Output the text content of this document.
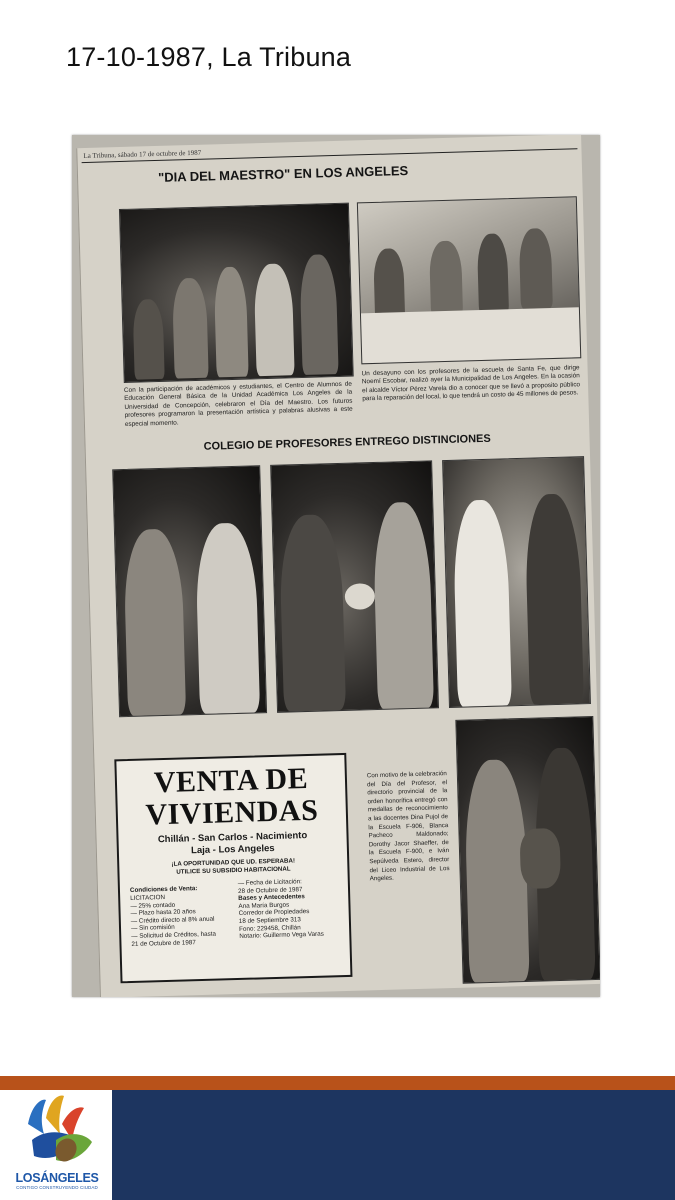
17-10-1987, La Tribuna
La Tribuna, sábado 17 de octubre de 1987
"DIA DEL MAESTRO" EN LOS ANGELES
Con la participación de académicos y estudiantes, el Centro de Alumnos de Educación General Básica de la Unidad Académica Los Angeles de la Universidad de Concepción, celebraron el Día del Maestro. Los futuros profesores programaron la presentación artística y palabras alusivas a este especial momento.
Un desayuno con los profesores de la escuela de Santa Fe, que dirige Noemí Escobar, realizó ayer la Municipalidad de Los Angeles. En la ocasión el alcalde Víctor Pérez Varela dio a conocer que se llevó a proposito público para la reparación del local, lo que tendrá un costo de 45 millones de pesos.
COLEGIO DE PROFESORES ENTREGO DISTINCIONES
VENTA DE
VIVIENDAS
Chillán - San Carlos - Nacimiento
Laja - Los Angeles
¡LA OPORTUNIDAD QUE UD. ESPERABA!
UTILICE SU SUBSIDIO HABITACIONAL
Condiciones de Venta:
LICITACION
— 25% contado
— Plazo hasta 20 años
— Crédito directo al 8% anual
— Sin comisión
— Solicitud de Créditos, hasta
21 de Octubre de 1987
— Fecha de Licitación:
28 de Octubre de 1987
Bases y Antecedentes
Ana María Burgos
Corredor de Propiedades
18 de Septiembre 313
Fono: 229458, Chillán
Notario: Guillermo Vega Varas
Con motivo de la celebración del Día del Profesor, el directorio provincial de la orden honorífica entregó con medallas de reconocimiento a las docentes Dina Pujol de la Escuela F-906, Blanca Pacheco Maldonado; Dorothy Jacor Shaeffer, de la Escuela F-900, e Iván Sepúlveda Estero, director del Liceo Industrial de Los Angeles.
LOSÁNGELES
CONTIGO CONSTRUYENDO CIUDAD
